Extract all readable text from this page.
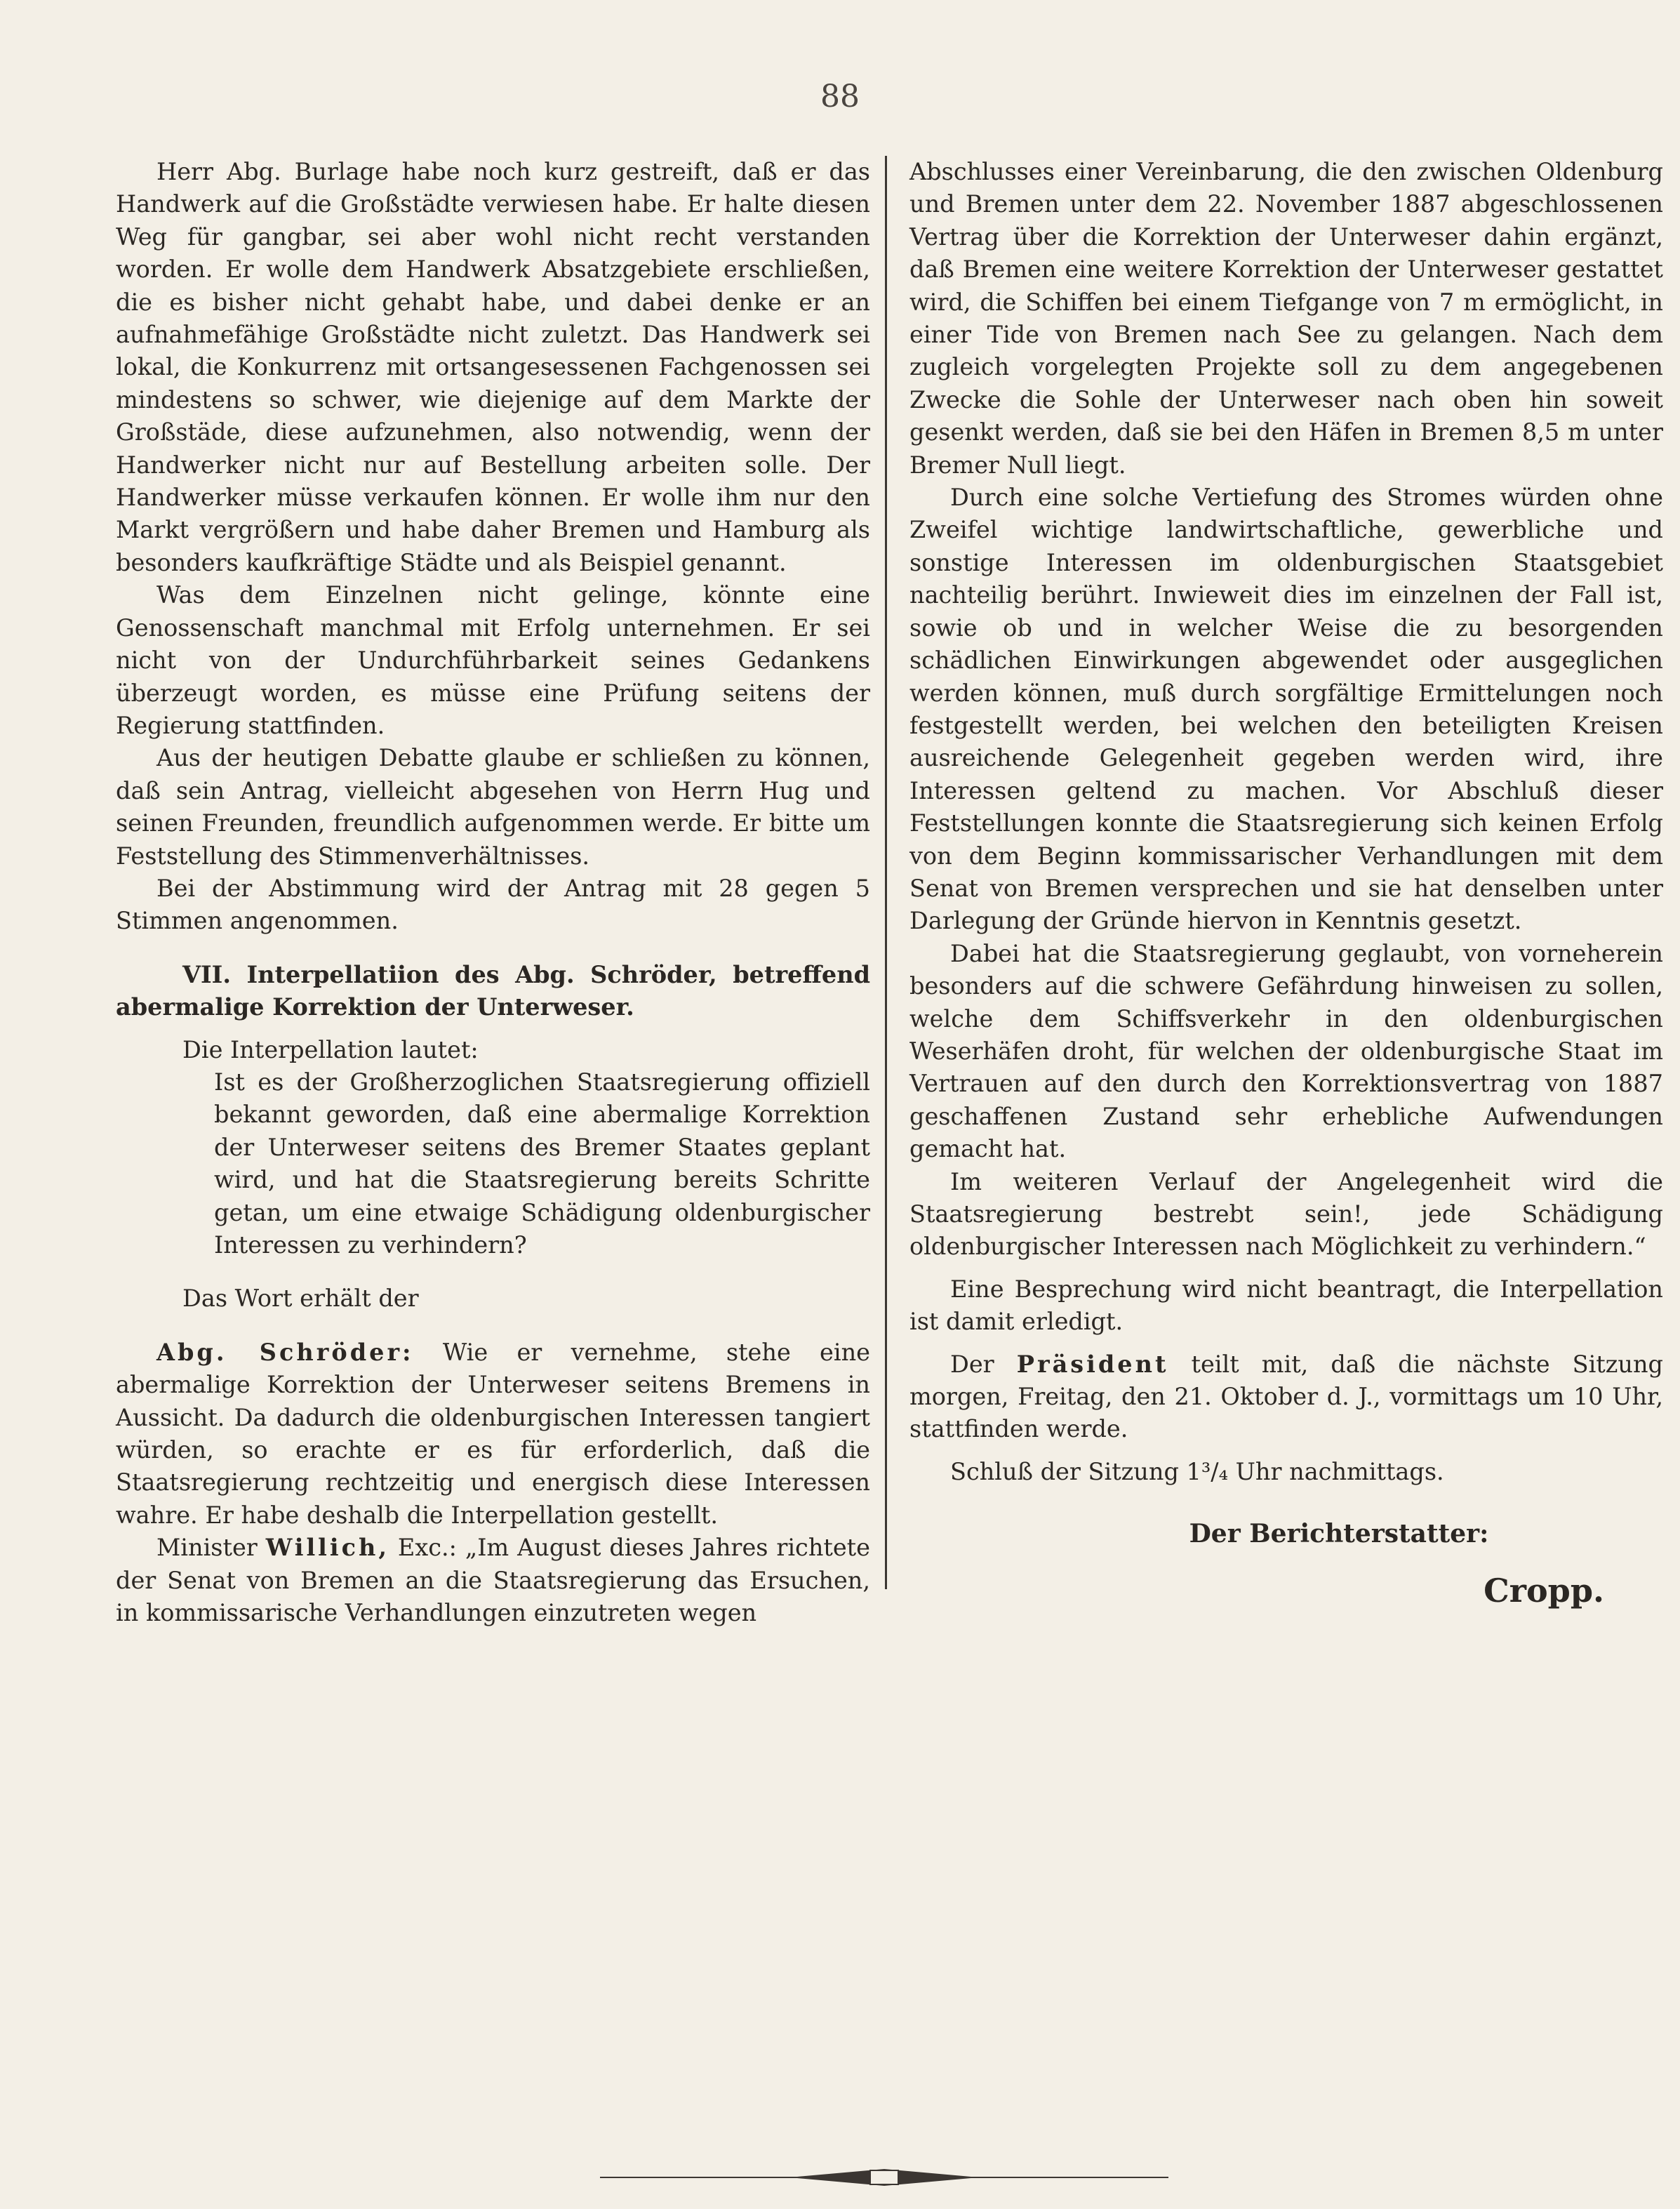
88

Herr Abg. Burlage habe noch kurz gestreift, daß er das Handwerk auf die Großstädte verwiesen habe. Er halte diesen Weg für gangbar, sei aber wohl nicht recht verstanden worden. Er wolle dem Handwerk Absatzgebiete erschließen, die es bisher nicht gehabt habe, und dabei denke er an aufnahmefähige Großstädte nicht zuletzt. Das Handwerk sei lokal, die Konkurrenz mit ortsangesessenen Fachgenossen sei mindestens so schwer, wie diejenige auf dem Markte der Großstäde, diese aufzunehmen, also notwendig, wenn der Handwerker nicht nur auf Bestellung arbeiten solle. Der Handwerker müsse verkaufen können. Er wolle ihm nur den Markt vergrößern und habe daher Bremen und Hamburg als besonders kaufkräftige Städte und als Beispiel genannt.

Was dem Einzelnen nicht gelinge, könnte eine Genossenschaft manchmal mit Erfolg unternehmen. Er sei nicht von der Undurchführbarkeit seines Gedankens überzeugt worden, es müsse eine Prüfung seitens der Regierung stattfinden.

Aus der heutigen Debatte glaube er schließen zu können, daß sein Antrag, vielleicht abgesehen von Herrn Hug und seinen Freunden, freundlich aufgenommen werde. Er bitte um Feststellung des Stimmenverhältnisses.

Bei der Abstimmung wird der Antrag mit 28 gegen 5 Stimmen angenommen.

VII. Interpellatiion des Abg. Schröder, betreffend abermalige Korrektion der Unterweser.

Die Interpellation lautet:

Ist es der Großherzoglichen Staatsregierung offiziell bekannt geworden, daß eine abermalige Korrektion der Unterweser seitens des Bremer Staates geplant wird, und hat die Staatsregierung bereits Schritte getan, um eine etwaige Schädigung oldenburgischer Interessen zu verhindern?

Das Wort erhält der

Abg. Schröder: Wie er vernehme, stehe eine abermalige Korrektion der Unterweser seitens Bremens in Aussicht. Da dadurch die oldenburgischen Interessen tangiert würden, so erachte er es für erforderlich, daß die Staatsregierung rechtzeitig und energisch diese Interessen wahre. Er habe deshalb die Interpellation gestellt.

Minister Willich, Exc.: „Im August dieses Jahres richtete der Senat von Bremen an die Staatsregierung das Ersuchen, in kommissarische Verhandlungen einzutreten wegen

Abschlusses einer Vereinbarung, die den zwischen Oldenburg und Bremen unter dem 22. November 1887 abgeschlossenen Vertrag über die Korrektion der Unterweser dahin ergänzt, daß Bremen eine weitere Korrektion der Unterweser gestattet wird, die Schiffen bei einem Tiefgange von 7 m ermöglicht, in einer Tide von Bremen nach See zu gelangen. Nach dem zugleich vorgelegten Projekte soll zu dem angegebenen Zwecke die Sohle der Unterweser nach oben hin soweit gesenkt werden, daß sie bei den Häfen in Bremen 8,5 m unter Bremer Null liegt.

Durch eine solche Vertiefung des Stromes würden ohne Zweifel wichtige landwirtschaftliche, gewerbliche und sonstige Interessen im oldenburgischen Staatsgebiet nachteilig berührt. Inwieweit dies im einzelnen der Fall ist, sowie ob und in welcher Weise die zu besorgenden schädlichen Einwirkungen abgewendet oder ausgeglichen werden können, muß durch sorgfältige Ermittelungen noch festgestellt werden, bei welchen den beteiligten Kreisen ausreichende Gelegenheit gegeben werden wird, ihre Interessen geltend zu machen. Vor Abschluß dieser Feststellungen konnte die Staatsregierung sich keinen Erfolg von dem Beginn kommissarischer Verhandlungen mit dem Senat von Bremen versprechen und sie hat denselben unter Darlegung der Gründe hiervon in Kenntnis gesetzt.

Dabei hat die Staatsregierung geglaubt, von vorneherein besonders auf die schwere Gefährdung hinweisen zu sollen, welche dem Schiffsverkehr in den oldenburgischen Weserhäfen droht, für welchen der oldenburgische Staat im Vertrauen auf den durch den Korrektionsvertrag von 1887 geschaffenen Zustand sehr erhebliche Aufwendungen gemacht hat.

Im weiteren Verlauf der Angelegenheit wird die Staatsregierung bestrebt sein!, jede Schädigung oldenburgischer Interessen nach Möglichkeit zu verhindern.“

Eine Besprechung wird nicht beantragt, die Interpellation ist damit erledigt.

Der Präsident teilt mit, daß die nächste Sitzung morgen, Freitag, den 21. Oktober d. J., vormittags um 10 Uhr, stattfinden werde.

Schluß der Sitzung 1³/₄ Uhr nachmittags.

Der Berichterstatter:

Cropp.
